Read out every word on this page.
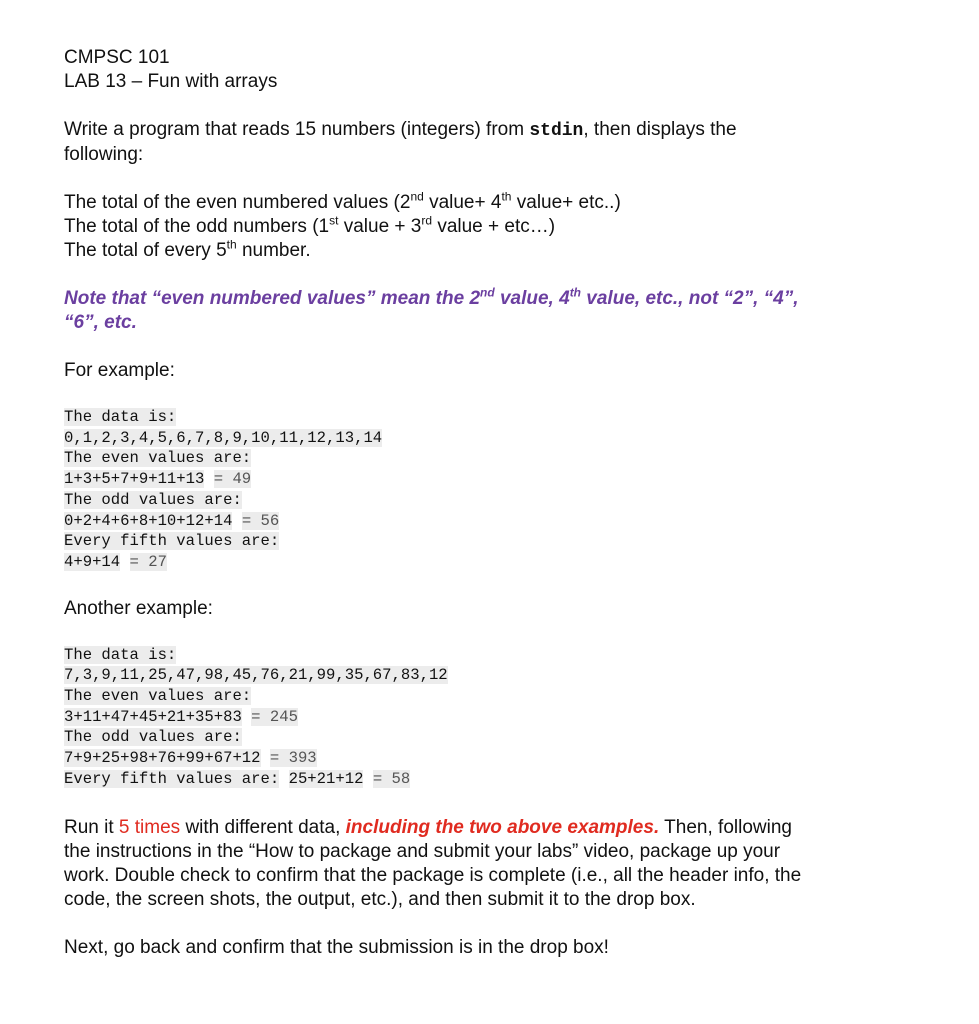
CMPSC 101

LAB 13 – Fun with arrays

Write a program that reads 15 numbers (integers) from stdin, then displays the

following:

The total of the even numbered values (2nd value+ 4th value+ etc..)

The total of the odd numbers (1st value + 3rd value + etc…)

The total of every 5th number.

Note that “even numbered values” mean the 2nd value, 4th value, etc., not “2”, “4”,

“6”, etc.

For example:

The data is:
0,1,2,3,4,5,6,7,8,9,10,11,12,13,14
The even values are:
1+3+5+7+9+11+13 = 49
The odd values are:
0+2+4+6+8+10+12+14 = 56
Every fifth values are:
4+9+14 = 27

Another example:

The data is:
7,3,9,11,25,47,98,45,76,21,99,35,67,83,12
The even values are:
3+11+47+45+21+35+83 = 245
The odd values are:
7+9+25+98+76+99+67+12 = 393
Every fifth values are: 25+21+12 = 58

Run it 5 times with different data, including the two above examples. Then, following

the instructions in the “How to package and submit your labs” video, package up your

work. Double check to confirm that the package is complete (i.e., all the header info, the

code, the screen shots, the output, etc.), and then submit it to the drop box.

Next, go back and confirm that the submission is in the drop box!
